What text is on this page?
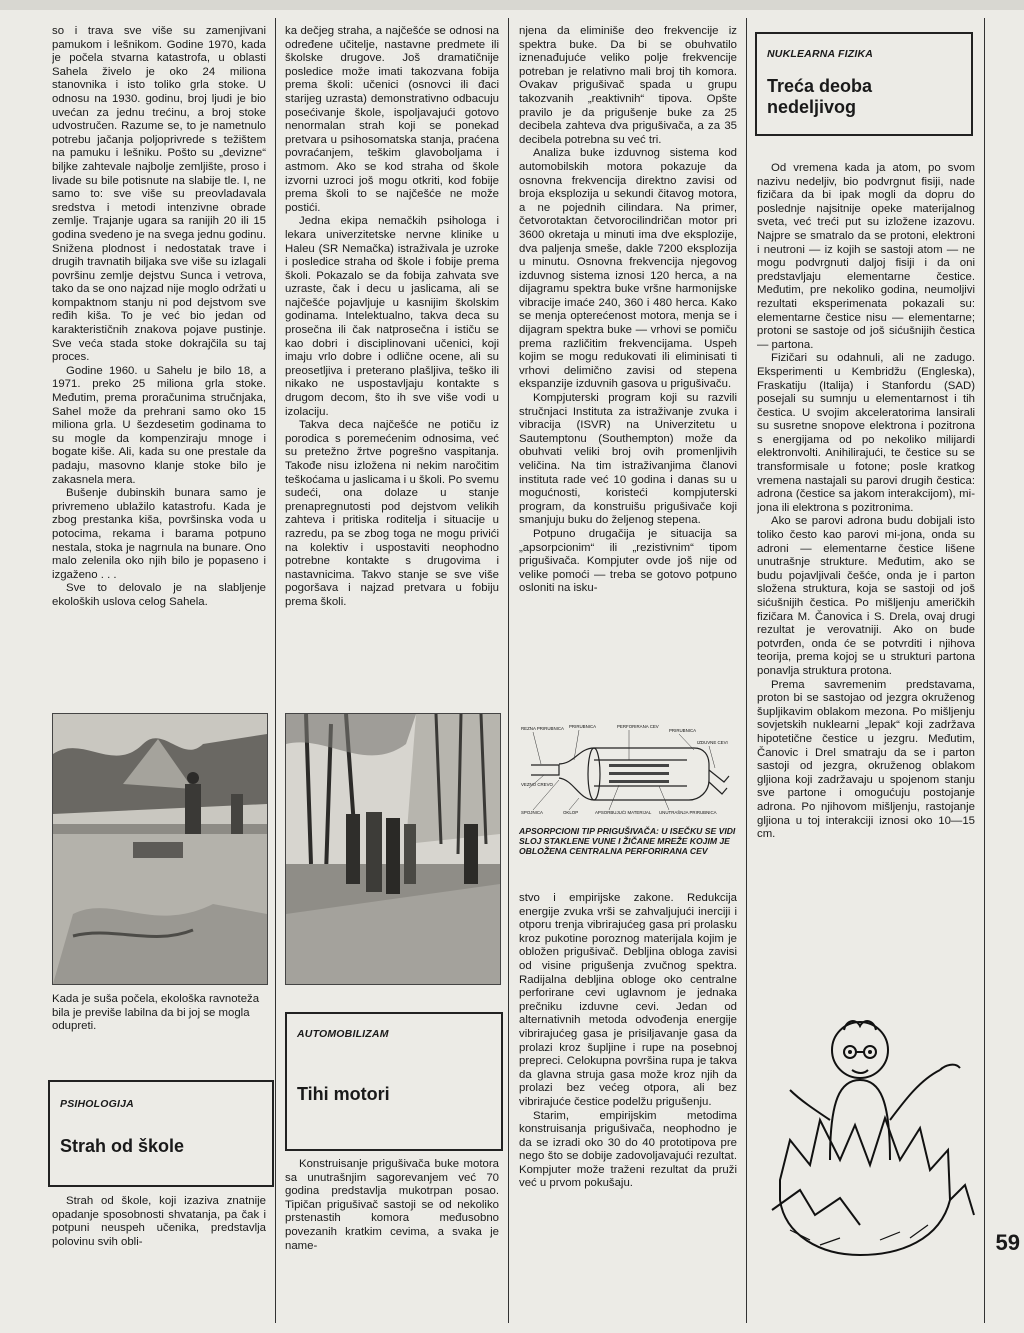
so i trava sve više su zamenjivani pamukom i lešnikom. Godine 1970, kada je počela stvarna katastrofa, u oblasti Sahela živelo je oko 24 miliona stanovnika i isto toliko grla stoke. U odnosu na 1930. godinu, broj ljudi je bio uvećan za jednu trećinu, a broj stoke udvostručen. Razume se, to je nametnulo potrebu jačanja poljoprivrede s težištem na pamuku i lešniku. Pošto su „devizne“ biljke zahtevale najbolje zemljište, proso i livade su bile potisnute na slabije tle. I, ne samo to: sve više su preovladavala sredstva i metodi intenzivne obrade zemlje. Trajanje ugara sa ranijih 20 ili 15 godina svedeno je na svega jednu godinu. Snižena plodnost i nedostatak trave i drugih travnatih biljaka sve više su izlagali površinu zemlje dejstvu Sunca i vetrova, tako da se ono najzad nije moglo održati u kompaktnom stanju ni pod dejstvom sve ređih kiša. To je već bio jedan od karakterističnih znakova pojave pustinje. Sve veća stada stoke dokrajčila su taj proces.

Godine 1960. u Sahelu je bilo 18, a 1971. preko 25 miliona grla stoke. Međutim, prema proračunima stručnjaka, Sahel može da prehrani samo oko 15 miliona grla. U šezdesetim godinama to su mogle da kompenziraju mnoge i bogate kiše. Ali, kada su one prestale da padaju, masovno klanje stoke bilo je zakasnela mera.

Bušenje dubinskih bunara samo je privremeno ublažilo katastrofu. Kada je zbog prestanka kiša, površinska voda u potocima, rekama i barama potpuno nestala, stoka je nagrnula na bunare. Ono malo zelenila oko njih bilo je popaseno i izgaženo . . .

Sve to delovalo je na slabljenje ekoloških uslova celog Sahela.

Kada je suša počela, ekološka ravnoteža bila je previše labilna da bi joj se mogla odupreti.
PSIHOLOGIJA
Strah od škole

Strah od škole, koji izaziva znatnije opadanje sposobnosti shvatanja, pa čak i potpuni neuspeh učenika, predstavlja polovinu svih obli-

ka dečjeg straha, a najčešće se odnosi na određene učitelje, nastavne predmete ili školske drugove. Još dramatičnije posledice može imati takozvana fobija prema školi: učenici (osnovci ili đaci starijeg uzrasta) demonstrativno odbacuju posećivanje škole, ispoljavajući gotovo nenormalan strah koji se ponekad pretvara u psihosomatska stanja, praćena povraćanjem, teškim glavoboljama i astmom. Ako se kod straha od škole izvorni uzroci još mogu otkriti, kod fobije prema školi to se najčešće ne može postići.

Jedna ekipa nemačkih psihologa i lekara univerzitetske nervne klinike u Haleu (SR Nemačka) istraživala je uzroke i posledice straha od škole i fobije prema školi. Pokazalo se da fobija zahvata sve uzraste, čak i decu u jaslicama, ali se najčešće pojavljuje u kasnijim školskim godinama. Intelektualno, takva deca su prosečna ili čak natprosečna i ističu se kao dobri i disciplinovani učenici, koji imaju vrlo dobre i odlične ocene, ali su preosetljiva i preterano plašljiva, teško ili nikako ne uspostavljaju kontakte s drugom decom, što ih sve više vodi u izolaciju.

Takva deca najčešće ne potiču iz porodica s poremećenim odnosima, već su pretežno žrtve pogrešno vaspitanja. Takođe nisu izložena ni nekim naročitim teškoćama u jaslicama i u školi. Po svemu sudeći, ona dolaze u stanje prenapregnutosti pod dejstvom velikih zahteva i pritiska roditelja i situacije u razredu, pa se zbog toga ne mogu privići na kolektiv i uspostaviti neophodno potrebne kontakte s drugovima i nastavnicima. Takvo stanje se sve više pogoršava i najzad pretvara u fobiju prema školi.

AUTOMOBILIZAM
Tihi motori

Konstruisanje prigušivača buke motora sa unutrašnjim sagorevanjem već 70 godina predstavlja mukotrpan posao. Tipičan prigušivač sastoji se od nekoliko prstenastih komora međusobno povezanih kratkim cevima, a svaka je name-

njena da eliminiše deo frekvencije iz spektra buke. Da bi se obuhvatilo iznenađujuće veliko polje frekvencije potreban je relativno mali broj tih komora. Ovakav prigušivač spada u grupu takozvanih „reaktivnih“ tipova. Opšte pravilo je da prigušenje buke za 25 decibela zahteva dva prigušivača, a za 35 decibela potrebna su već tri.

Analiza buke izduvnog sistema kod automobilskih motora pokazuje da osnovna frekvencija direktno zavisi od broja eksplozija u sekundi čitavog motora, a ne pojednih cilindara. Na primer, četvorotaktan četvorocilindričan motor pri 3600 okretaja u minuti ima dve eksplozije, dva paljenja smeše, dakle 7200 eksplozija u minutu. Osnovna frekvencija njegovog izduvnog sistema iznosi 120 herca, a na dijagramu spektra buke vršne harmonijske vibracije imaće 240, 360 i 480 herca. Kako se menja opterećenost motora, menja se i dijagram spektra buke — vrhovi se pomiču prema različitim frekvencijama. Uspeh kojim se mogu redukovati ili eliminisati ti vrhovi delimično zavisi od stepena ekspanzije izduvnih gasova u prigušivaču.

Kompjuterski program koji su razvili stručnjaci Instituta za istraživanje zvuka i vibracija (ISVR) na Univerzitetu u Sautemptonu (Southempton) može da obuhvati veliki broj ovih promenljivih veličina. Na tim istraživanjima članovi instituta rade već 10 godina i danas su u mogućnosti, koristeći kompjuterski program, da konstruišu prigušivače koji smanjuju buku do željenog stepena.

Potpuno drugačija je situacija sa „apsorpcionim“ ili „rezistivnim“ tipom prigušivača. Kompjuter ovde još nije od velike pomoći — treba se gotovo potpuno osloniti na isku-

REZNA PRIRUBNICA PRIRUBNICA	PERFORIRANA CEV
PRIRUBNICA
IZDUVNE CEVI
VEZNO CREVO
SPOJNICA	OKLOP	APSORBUJUĆI MATERIJAL UNUTRAŠNJA PRIRUBNICA
APSORPCIONI TIP PRIGUŠIVAČA: U ISEČKU SE VIDI SLOJ STAKLENE VUNE I ŽIČANE MREŽE KOJIM JE OBLOŽENA CENTRALNA PERFORIRANA CEV

stvo i empirijske zakone. Redukcija energije zvuka vrši se zahvaljujući inerciji i otporu trenja vibrirajućeg gasa pri prolasku kroz pukotine poroznog materijala kojim je obložen prigušivač. Debljina obloga zavisi od visine prigušenja zvučnog spektra. Radijalna debljina obloge oko centralne perforirane cevi uglavnom je jednaka prečniku izduvne cevi. Jedan od alternativnih metoda odvođenja energije vibrirajućeg gasa je prisiljavanje gasa da prolazi kroz šupljine i rupe na posebnoj prepreci. Celokupna površina rupa je takva da glavna struja gasa može kroz njih da prolazi bez većeg otpora, ali bez vibrirajuće čestice podelžu prigušenju.

Starim, empirijskim metodima konstruisanja prigušivača, neophodno je da se izradi oko 30 do 40 prototipova pre nego što se dobije zadovoljavajući rezultat. Kompjuter može traženi rezultat da pruži već u prvom pokušaju.

NUKLEARNA FIZIKA
Treća deoba nedeljivog

Od vremena kada ja atom, po svom nazivu nedeljiv, bio podvrgnut fisiji, nade fizičara da bi ipak mogli da dopru do poslednje najsitnije opeke materijalnog sveta, već treći put su izložene izazovu. Najpre se smatralo da se protoni, elektroni i neutroni — iz kojih se sastoji atom — ne mogu podvrgnuti daljoj fisiji i da oni predstavljaju elementarne čestice. Međutim, pre nekoliko godina, neumoljivi rezultati eksperimenata pokazali su: elementarne čestice nisu — elementarne; protoni se sastoje od još sićušnijih čestica — partona.

Fizičari su odahnuli, ali ne zadugo. Eksperimenti u Kembridžu (Engleska), Fraskatiju (Italija) i Stanfordu (SAD) posejali su sumnju u elementarnost i tih čestica. U svojim akceleratorima lansirali su susretne snopove elektrona i pozitrona s energijama od po nekoliko milijardi elektronvolti. Anihilirajući, te čestice su se transformisale u fotone; posle kratkog vremena nastajali su parovi drugih čestica: adrona (čestice sa jakom interakcijom), mi-jona ili elektrona s pozitronima.

Ako se parovi adrona budu dobijali isto toliko često kao parovi mi-jona, onda su adroni — elementarne čestice lišene unutrašnje strukture. Međutim, ako se budu pojavljivali češće, onda je i parton složena struktura, koja se sastoji od još sićušnijih čestica. Po mišljenju američkih fizičara M. Čanovica i S. Drela, ovaj drugi rezultat je verovatniji. Ako on bude potvrđen, onda će se potvrditi i njihova teorija, prema kojoj se u strukturi partona ponavlja struktura protona.

Prema savremenim predstavama, proton bi se sastojao od jezgra okruženog šupljikavim oblakom mezona. Po mišljenju sovjetskih nuklearni „lepak“ koji zadržava hipotetične čestice u jezgru. Međutim, Čanovic i Drel smatraju da se i parton sastoji od jezgra, okruženog oblakom gljiona koji zadržavaju u spojenom stanju sve partone i omogućuju postojanje adrona. Po njihovom mišljenju, rastojanje gljiona u toj interakciji iznosi oko 10—15 cm.

59
